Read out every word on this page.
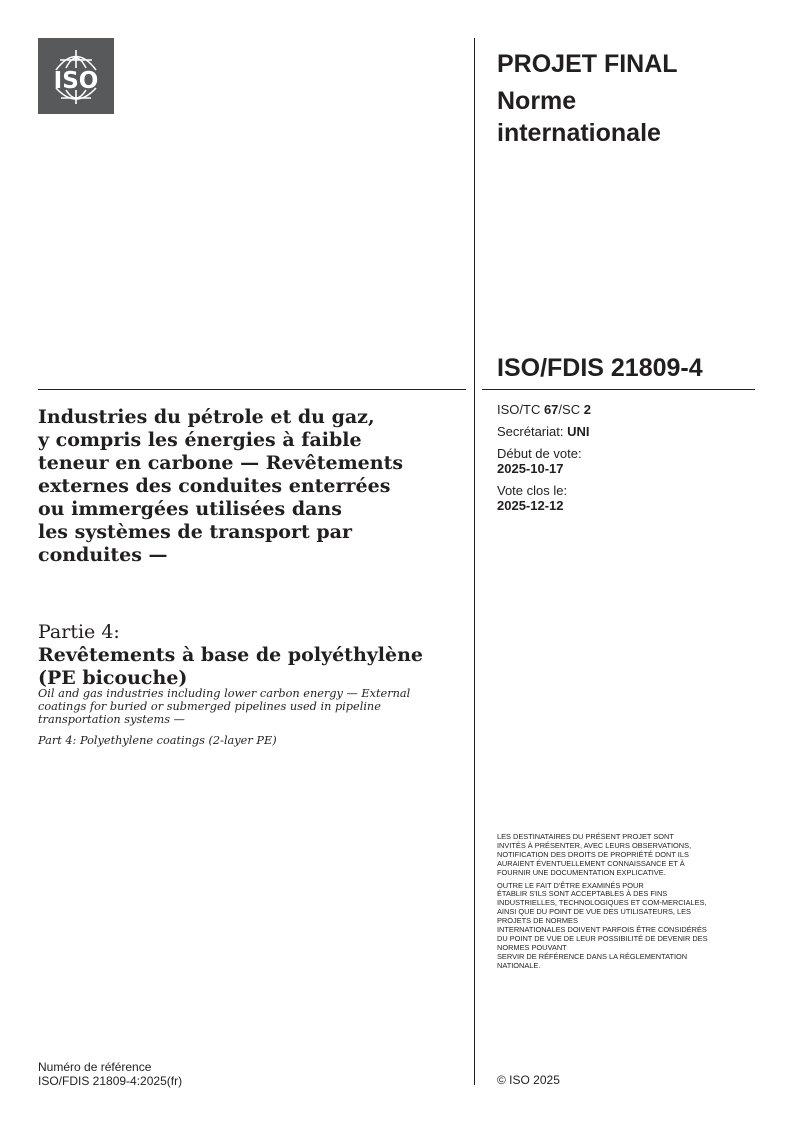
ISO
PROJET FINAL
Norme
internationale
ISO/FDIS 21809-4
ISO/TC 67/SC 2
Secrétariat: UNI
Début de vote:
2025-10-17
Vote clos le:
2025-12-12
Industries du pétrole et du gaz,
y compris les énergies à faible
teneur en carbone — Revêtements
externes des conduites enterrées
ou immergées utilisées dans
les systèmes de transport par
conduites —
Partie 4:
Revêtements à base de polyéthylène
(PE bicouche)
Oil and gas industries including lower carbon energy — External
coatings for buried or submerged pipelines used in pipeline
transportation systems —
Part 4: Polyethylene coatings (2-layer PE)
LES DESTINATAIRES DU PRÉSENT PROJET SONT
INVITÉS À PRÉSENTER, AVEC LEURS OBSERVATIONS,
NOTIFICATION DES DROITS DE PROPRIÉTÉ DONT ILS
AURAIENT ÉVENTUELLEMENT CONNAISSANCE ET À
FOURNIR UNE DOCUMENTATION EXPLICATIVE.
OUTRE LE FAIT D'ÊTRE EXAMINÉS POUR
ÉTABLIR S'ILS SONT ACCEPTABLES À DES FINS
INDUSTRIELLES, TECHNOLOGIQUES ET COM-MERCIALES,
AINSI QUE DU POINT DE VUE DES UTILISATEURS, LES
PROJETS DE NORMES
INTERNATIONALES DOIVENT PARFOIS ÊTRE CONSIDÉRÉS
DU POINT DE VUE DE LEUR POSSIBILITÉ DE DEVENIR DES
NORMES POUVANT
SERVIR DE RÉFÉRENCE DANS LA RÉGLEMENTATION
NATIONALE.
Numéro de référence
ISO/FDIS 21809-4:2025(fr)	© ISO 2025
